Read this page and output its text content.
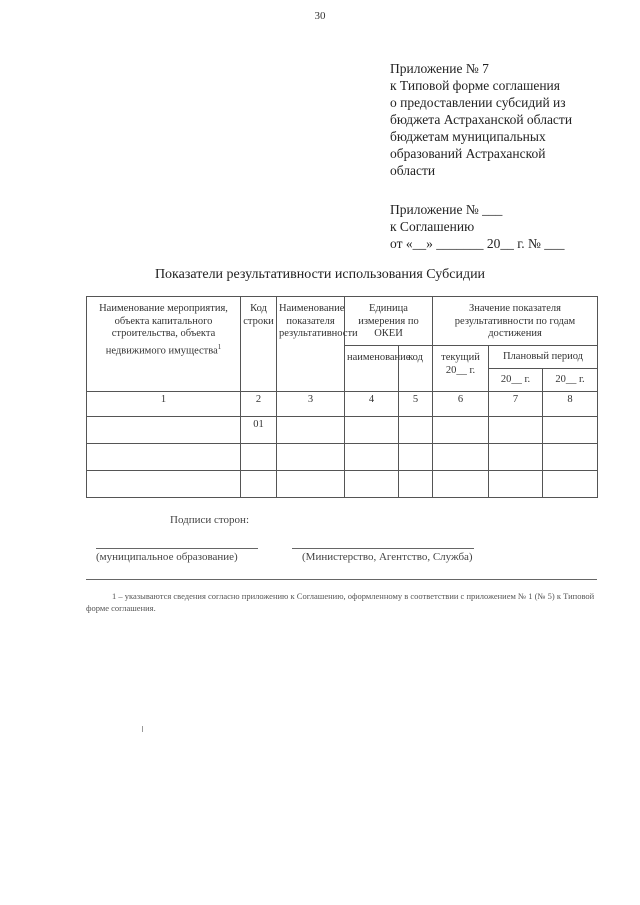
30
Приложение № 7
к Типовой форме соглашения
о предоставлении субсидий из
бюджета Астраханской области
бюджетам муниципальных
образований Астраханской
области
Приложение № ___
к Соглашению
от «__» _______ 20__ г. № ___
Показатели результативности использования Субсидии
Наименование мероприятия, объекта капитального строительства, объекта недвижимого имущества$^1$	Код строки	Наименование показателя результативности	Единица измерения по ОКЕИ		Значение показателя результативности по годам достижения		
			наименование	код	текущий 20__ г.	Плановый период	
						20__ г.	20__ г.
1	2	3	4	5	6	7	8
	01						

Подписи сторон:
(муниципальное образование)	(Министерство, Агентство, Служба)
1 – указываются сведения согласно приложению к Соглашению, оформленному в соответствии с приложением № 1 (№ 5) к Типовой форме соглашения.
